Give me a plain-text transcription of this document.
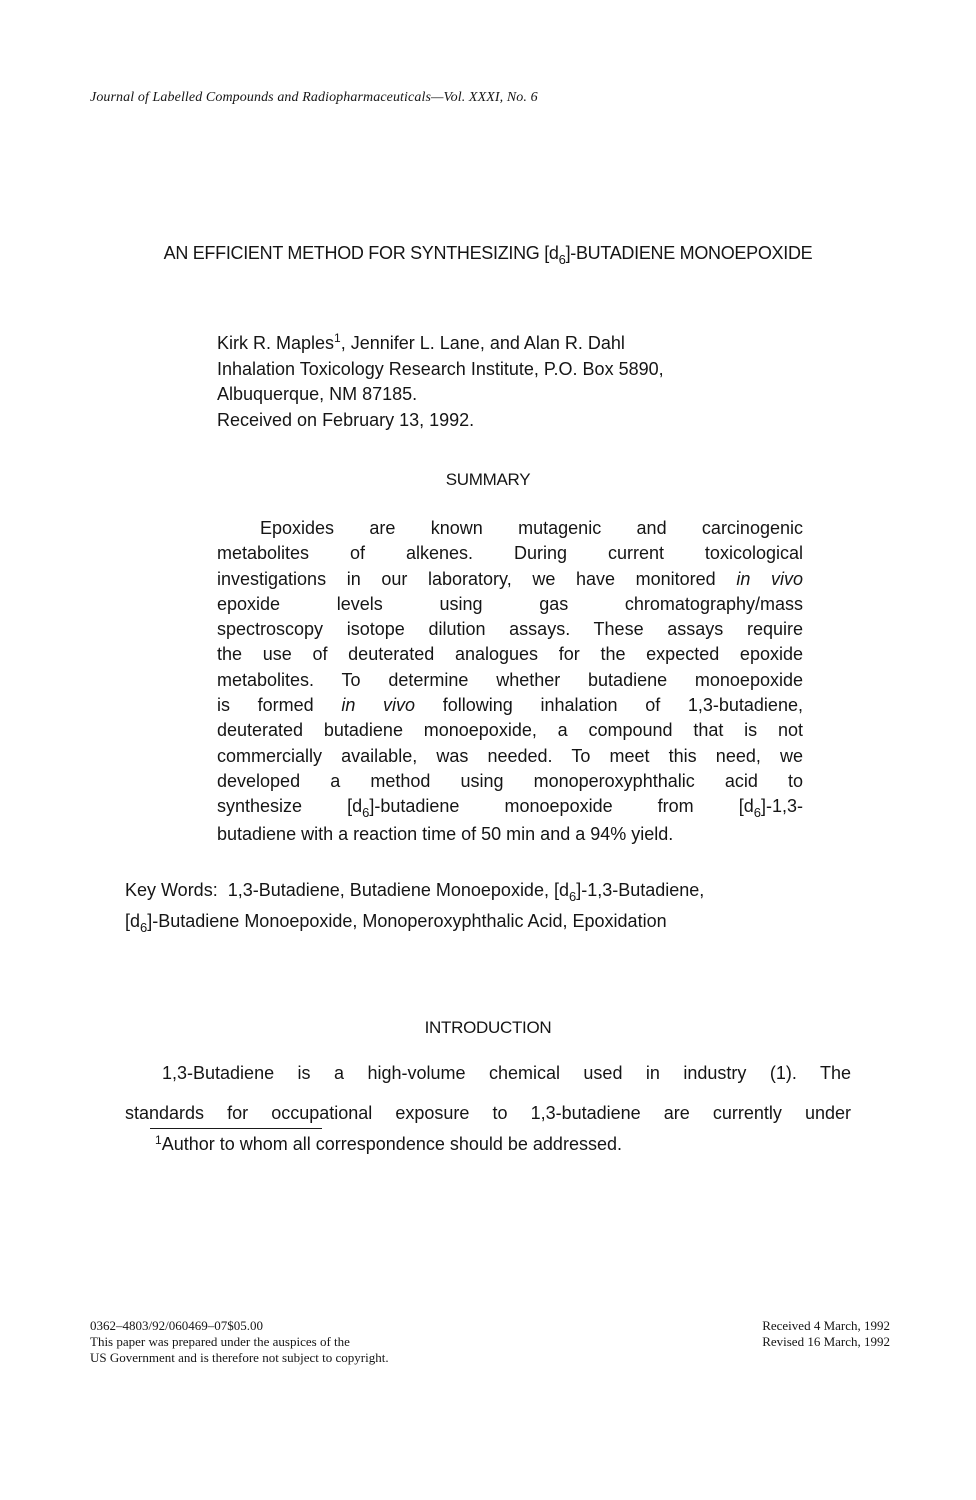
Journal of Labelled Compounds and Radiopharmaceuticals—Vol. XXXI, No. 6
AN EFFICIENT METHOD FOR SYNTHESIZING $[d_6]$-BUTADIENE MONOEPOXIDE
Kirk R. Maples$^1$, Jennifer L. Lane, and Alan R. Dahl
Inhalation Toxicology Research Institute, P.O. Box 5890,
Albuquerque, NM 87185.
Received on February 13, 1992.
SUMMARY
Epoxides are known mutagenic and carcinogenic
metabolites of alkenes. During current toxicological
investigations in our laboratory, we have monitored in vivo
epoxide levels using gas chromatography/mass
spectroscopy isotope dilution assays. These assays require
the use of deuterated analogues for the expected epoxide
metabolites. To determine whether butadiene monoepoxide
is formed in vivo following inhalation of 1,3-butadiene,
deuterated butadiene monoepoxide, a compound that is not
commercially available, was needed. To meet this need, we
developed a method using monoperoxyphthalic acid to
synthesize $[d_6]$-butadiene monoepoxide from $[d_6]-1,3-$
butadiene with a reaction time of 50 min and a 94% yield.
Key Words: 1,3-Butadiene, Butadiene Monoepoxide, $[d_6]-1,3$-Butadiene,
$[d_6]$-Butadiene Monoepoxide, Monoperoxyphthalic Acid, Epoxidation
INTRODUCTION
1,3-Butadiene is a high-volume chemical used in industry (1). The
standards for occupational exposure to 1,3-butadiene are currently under
$^1$Author to whom all correspondence should be addressed.
0362–4803/92/060469–07$05.00
This paper was prepared under the auspices of the
US Government and is therefore not subject to copyright.
Received 4 March, 1992
Revised 16 March, 1992
